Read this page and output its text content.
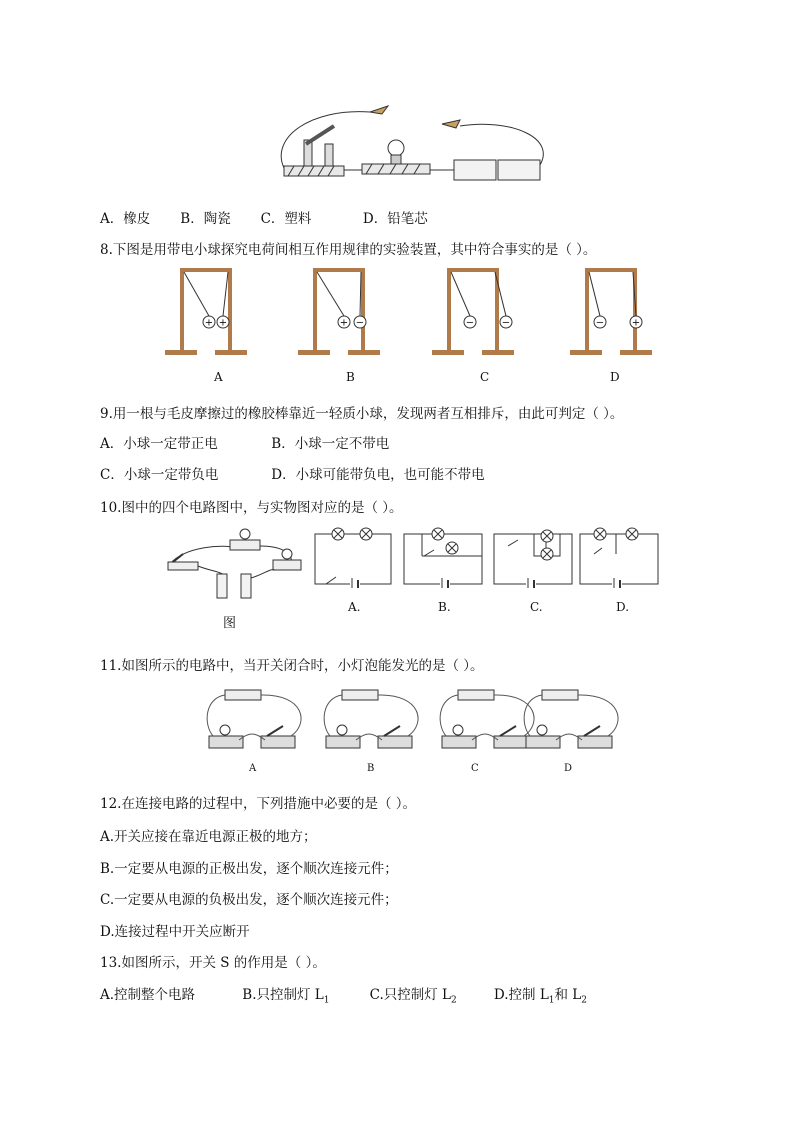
A．橡皮 B．陶瓷 C．塑料	D．铅笔芯
8.下图是用带电小球探究电荷间相互作用规律的实验装置，其中符合事实的是（ ）。
+ +	+ −	−	−	−	+
A	B	C	D
9.用一根与毛皮摩擦过的橡胶棒靠近一轻质小球，发现两者互相排斥，由此可判定（ ）。
A．小球一定带正电	B．小球一定不带电
C．小球一定带负电	D．小球可能带负电，也可能不带电
10.图中的四个电路图中，与实物图对应的是（ ）。
图
A.	B.	C.	D.
11.如图所示的电路中，当开关闭合时，小灯泡能发光的是（ ）。
A	B	C	D
12.在连接电路的过程中，下列措施中必要的是（ ）。
A.开关应接在靠近电源正极的地方；
B.一定要从电源的正极出发，逐个顺次连接元件；
C.一定要从电源的负极出发，逐个顺次连接元件；
D.连接过程中开关应断开
13.如图所示，开关 S 的作用是（ ）。
A.控制整个电路	B.只控制灯 $L_1$	C.只控制灯 $L_2$	D.控制 $L_1$和 $L_2$
